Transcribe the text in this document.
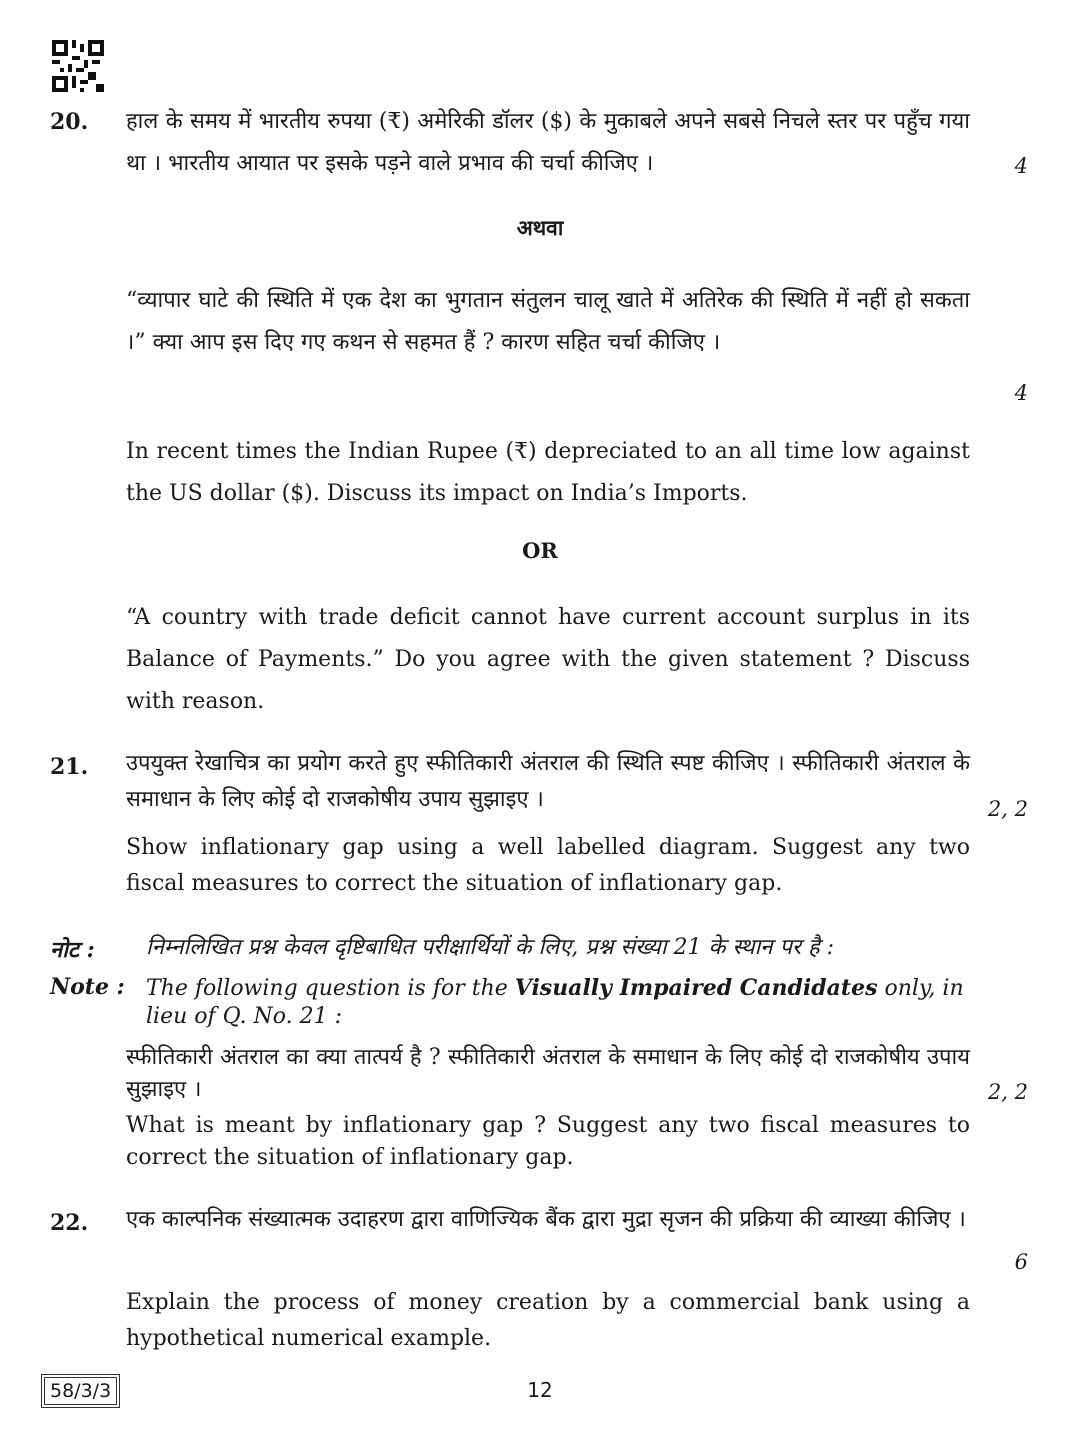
20. हाल के समय में भारतीय रुपया (₹) अमेरिकी डॉलर ($) के मुकाबले अपने सबसे निचले स्तर पर पहुँच गया था । भारतीय आयात पर इसके पड़ने वाले प्रभाव की चर्चा कीजिए ।	4
अथवा
“व्यापार घाटे की स्थिति में एक देश का भुगतान संतुलन चालू खाते में अतिरेक की स्थिति में नहीं हो सकता ।” क्या आप इस दिए गए कथन से सहमत हैं ? कारण सहित चर्चा कीजिए ।
4
In recent times the Indian Rupee (₹) depreciated to an all time low against the US dollar ($). Discuss its impact on India’s Imports.
OR
“A country with trade deficit cannot have current account surplus in its Balance of Payments.” Do you agree with the given statement ? Discuss with reason.
21. उपयुक्त रेखाचित्र का प्रयोग करते हुए स्फीतिकारी अंतराल की स्थिति स्पष्ट कीजिए । स्फीतिकारी अंतराल के समाधान के लिए कोई दो राजकोषीय उपाय सुझाइए ।	2, 2
Show inflationary gap using a well labelled diagram. Suggest any two fiscal measures to correct the situation of inflationary gap.
नोट : निम्नलिखित प्रश्न केवल दृष्टिबाधित परीक्षार्थियों के लिए, प्रश्न संख्या 21 के स्थान पर है :
Note : The following question is for the Visually Impaired Candidates only, in lieu of Q. No. 21 :
स्फीतिकारी अंतराल का क्या तात्पर्य है ? स्फीतिकारी अंतराल के समाधान के लिए कोई दो राजकोषीय उपाय सुझाइए ।	2, 2
What is meant by inflationary gap ? Suggest any two fiscal measures to correct the situation of inflationary gap.
22. एक काल्पनिक संख्यात्मक उदाहरण द्वारा वाणिज्यिक बैंक द्वारा मुद्रा सृजन की प्रक्रिया की व्याख्या कीजिए ।
6
58/3/3	12
Explain the process of money creation by a commercial bank using a hypothetical numerical example.
